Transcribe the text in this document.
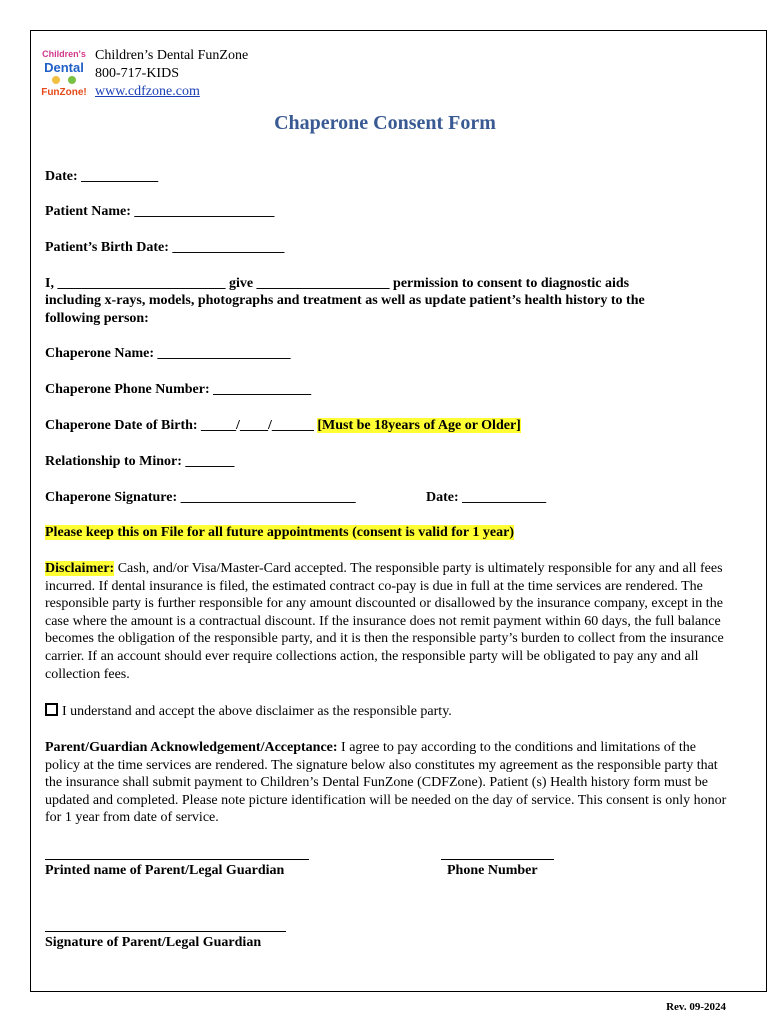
Children's
Dental
FunZone!
Children’s Dental FunZone
800-717-KIDS
www.cdfzone.com
Chaperone Consent Form
Date: ___________
Patient Name: ____________________
Patient’s Birth Date: ________________
I, ________________________ give ___________________ permission to consent to diagnostic aids
including x-rays, models, photographs and treatment as well as update patient’s health history to the
following person:
Chaperone Name: ___________________
Chaperone Phone Number: ______________
Chaperone Date of Birth: _____/____/______ [Must be 18years of Age or Older]
Relationship to Minor: _______
Chaperone Signature: _________________________	Date: ____________
Please keep this on File for all future appointments (consent is valid for 1 year)
Disclaimer: Cash, and/or Visa/Master-Card accepted. The responsible party is ultimately responsible for any and all fees incurred. If dental insurance is filed, the estimated contract co-pay is due in full at the time services are rendered. The responsible party is further responsible for any amount discounted or disallowed by the insurance company, except in the case where the amount is a contractual discount. If the insurance does not remit payment within 60 days, the full balance becomes the obligation of the responsible party, and it is then the responsible party’s burden to collect from the insurance carrier. If an account should ever require collections action, the responsible party will be obligated to pay any and all collection fees.
I understand and accept the above disclaimer as the responsible party.
Parent/Guardian Acknowledgement/Acceptance: I agree to pay according to the conditions and limitations of the policy at the time services are rendered. The signature below also constitutes my agreement as the responsible party that the insurance shall submit payment to Children’s Dental FunZone (CDFZone). Patient (s) Health history form must be updated and completed. Please note picture identification will be needed on the day of service. This consent is only honor for 1 year from date of service.
Printed name of Parent/Legal Guardian	Phone Number
Signature of Parent/Legal Guardian
Rev. 09-2024
